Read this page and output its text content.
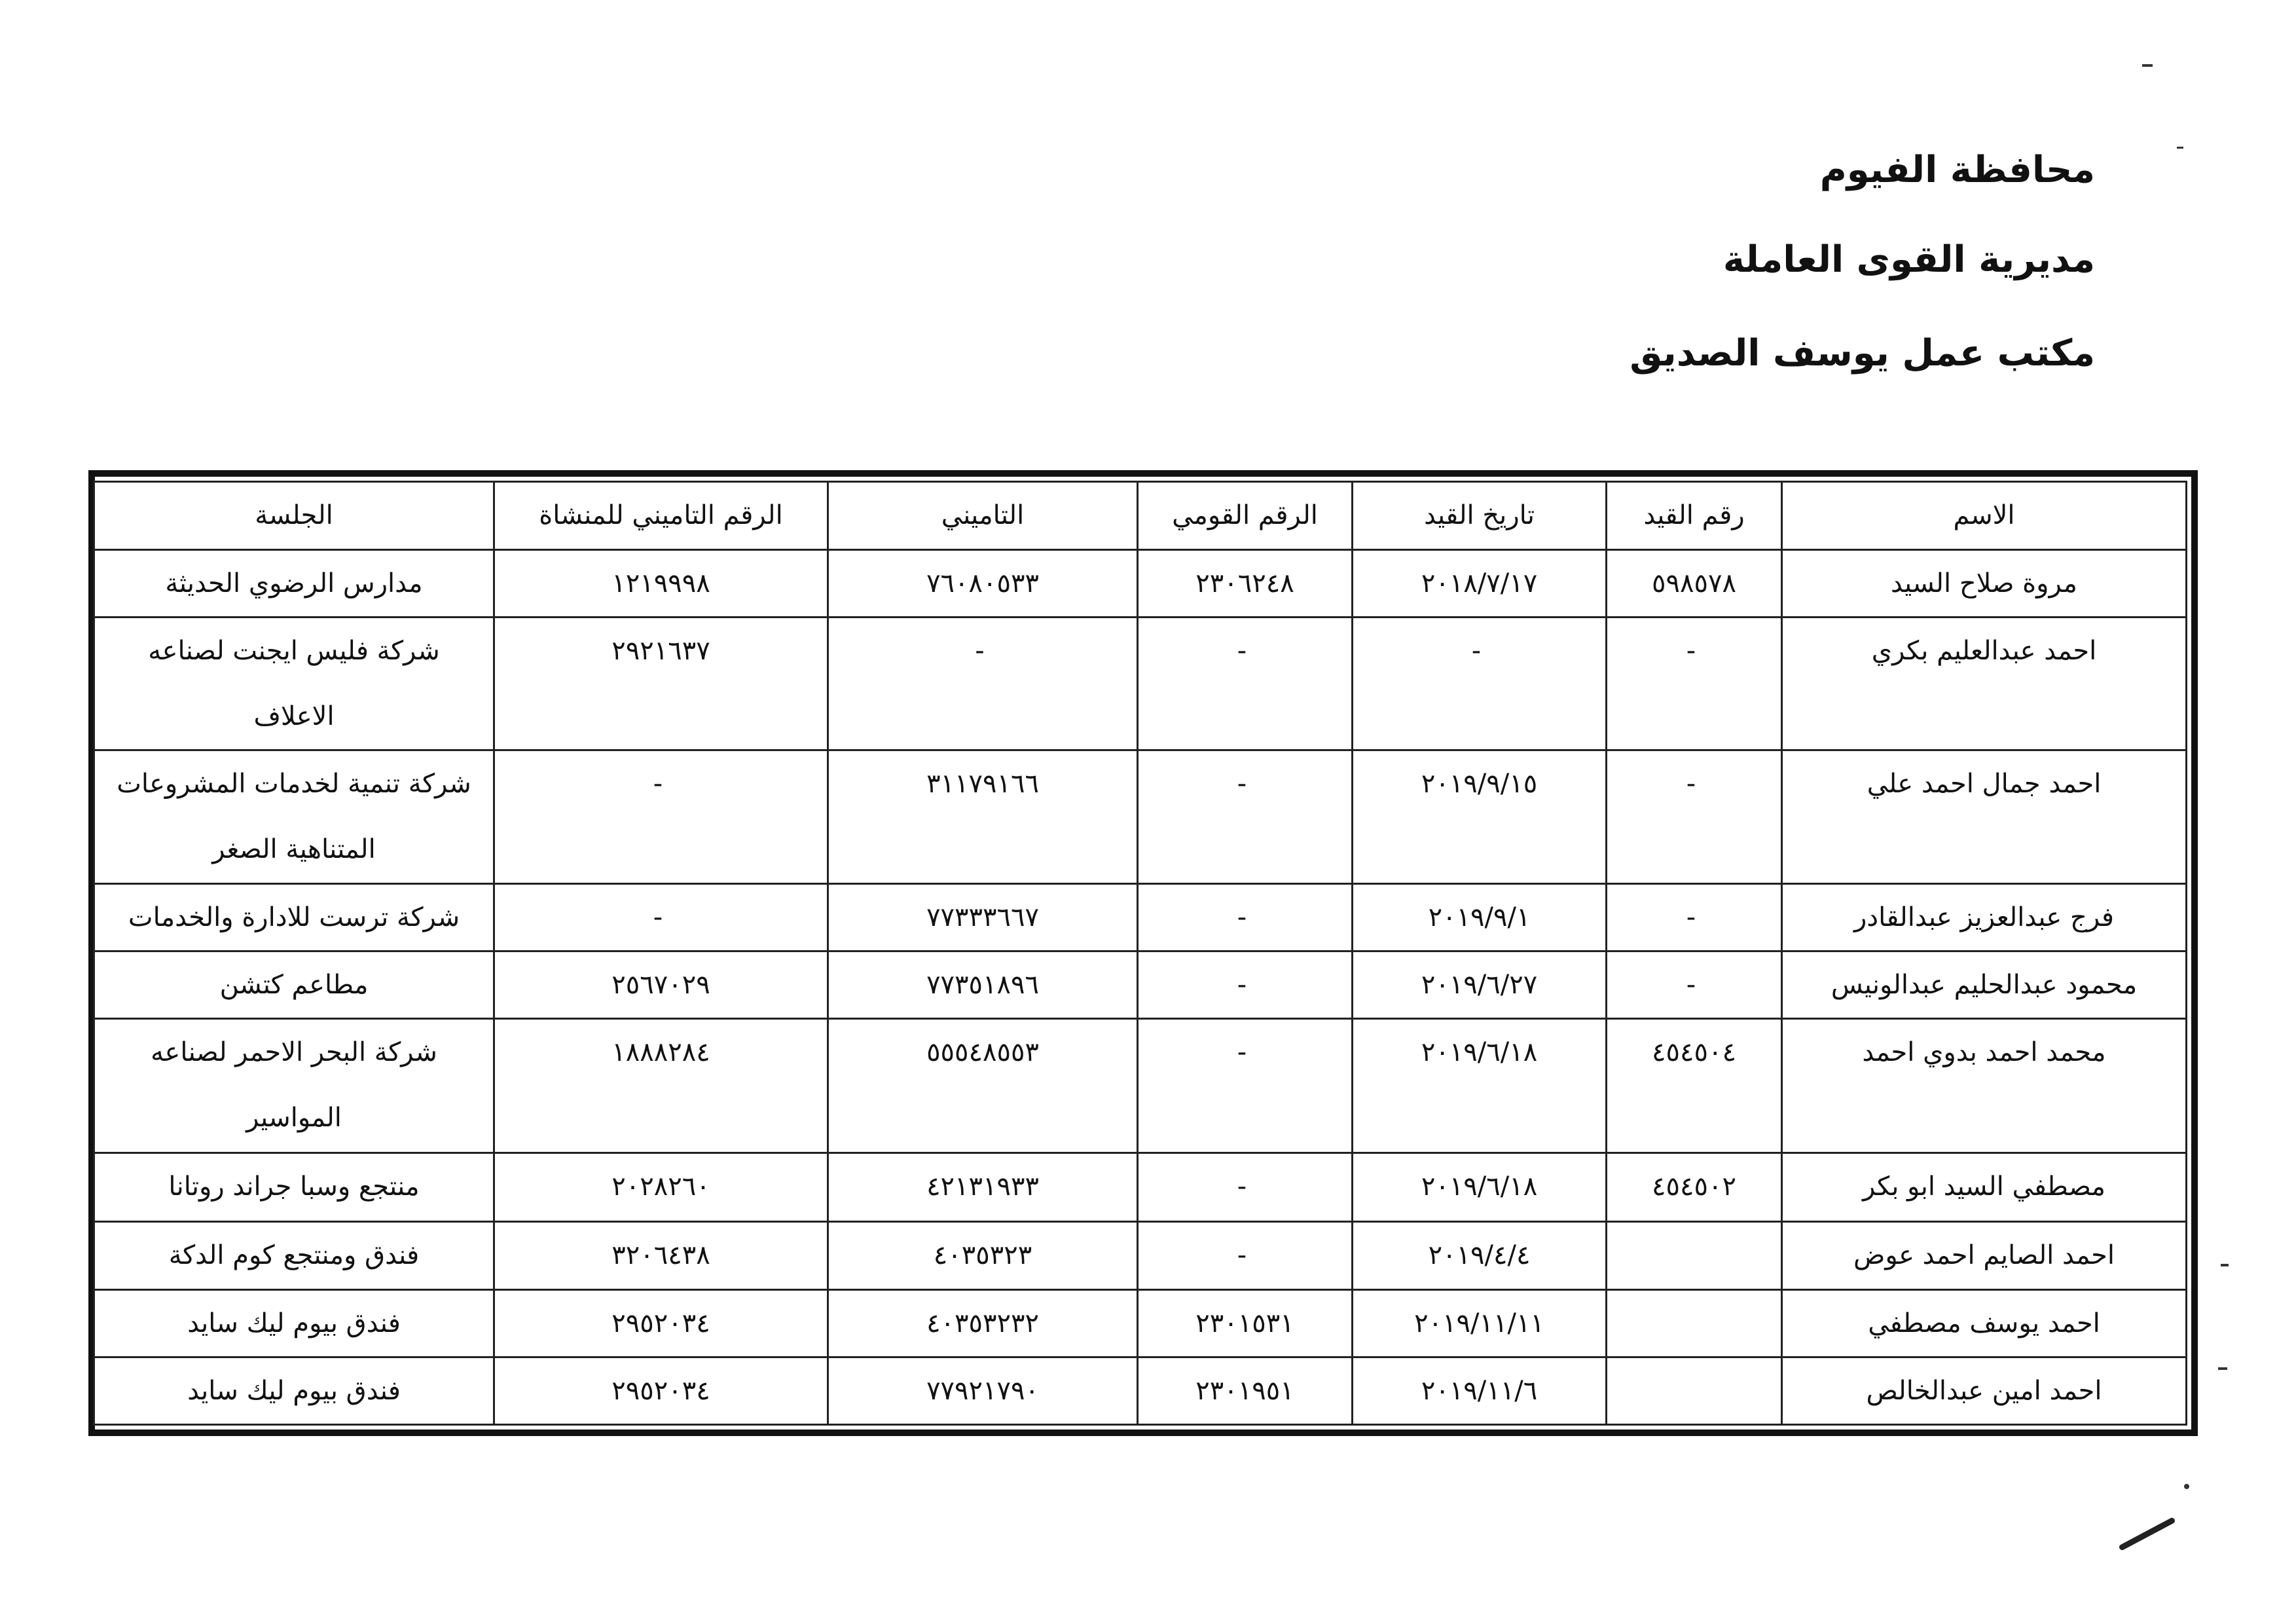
محافظة الفيوم
مديرية القوى العاملة
مكتب عمل يوسف الصديق
الاسم	رقم القيد	تاريخ القيد	الرقم القومي	التاميني	الرقم التاميني للمنشاة	الجلسة
مروة صلاح السيد	٥٩٨٥٧٨	٢٠١٨/٧/١٧	٢٣٠٦٢٤٨	٧٦٠٨٠٥٣٣	١٢١٩٩٩٨	مدارس الرضوي الحديثة
احمد عبدالعليم بكري	-	-	-	-	٢٩٢١٦٣٧	شركة فليس ايجنت لصناعه الاعلاف
احمد جمال احمد علي	-	٢٠١٩/٩/١٥	-	٣١١٧٩١٦٦	-	شركة تنمية لخدمات المشروعات المتناهية الصغر
فرج عبدالعزيز عبدالقادر	-	٢٠١٩/٩/١	-	٧٧٣٣٣٦٦٧	-	شركة ترست للادارة والخدمات
محمود عبدالحليم عبدالونيس	-	٢٠١٩/٦/٢٧	-	٧٧٣٥١٨٩٦	٢٥٦٧٠٢٩	مطاعم كتشن
محمد احمد بدوي احمد	٤٥٤٥٠٤	٢٠١٩/٦/١٨	-	٥٥٥٤٨٥٥٣	١٨٨٨٢٨٤	شركة البحر الاحمر لصناعه المواسير
مصطفي السيد ابو بكر	٤٥٤٥٠٢	٢٠١٩/٦/١٨	-	٤٢١٣١٩٣٣	٢٠٢٨٢٦٠	منتجع وسبا جراند روتانا
احمد الصايم احمد عوض		٢٠١٩/٤/٤	-	٤٠٣٥٣٢٣	٣٢٠٦٤٣٨	فندق ومنتجع كوم الدكة
احمد يوسف مصطفي		٢٠١٩/١١/١١	٢٣٠١٥٣١	٤٠٣٥٣٢٣٢	٢٩٥٢٠٣٤	فندق بيوم ليك سايد
احمد امين عبدالخالص		٢٠١٩/١١/٦	٢٣٠١٩٥١	٧٧٩٢١٧٩٠	٢٩٥٢٠٣٤	فندق بيوم ليك سايد
